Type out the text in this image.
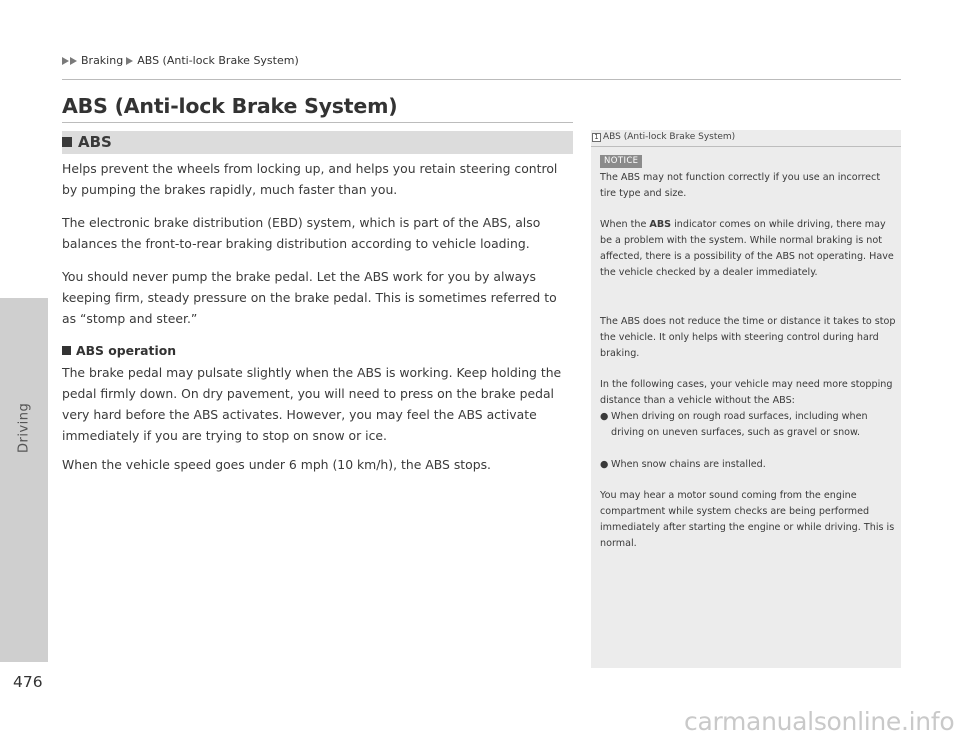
Driving
Braking ABS (Anti-lock Brake System)
ABS (Anti-lock Brake System)
ABS

Helps prevent the wheels from locking up, and helps you retain steering control by pumping the brakes rapidly, much faster than you.

The electronic brake distribution (EBD) system, which is part of the ABS, also balances the front-to-rear braking distribution according to vehicle loading.

You should never pump the brake pedal. Let the ABS work for you by always keeping firm, steady pressure on the brake pedal. This is sometimes referred to as “stomp and steer.”

ABS operation

The brake pedal may pulsate slightly when the ABS is working. Keep holding the pedal firmly down. On dry pavement, you will need to press on the brake pedal very hard before the ABS activates. However, you may feel the ABS activate immediately if you are trying to stop on snow or ice.

When the vehicle speed goes under 6 mph (10 km/h), the ABS stops.

1 ABS (Anti-lock Brake System)
NOTICE

The ABS may not function correctly if you use an incorrect tire type and size.

When the ABS indicator comes on while driving, there may be a problem with the system. While normal braking is not affected, there is a possibility of the ABS not operating. Have the vehicle checked by a dealer immediately.

The ABS does not reduce the time or distance it takes to stop the vehicle. It only helps with steering control during hard braking.

In the following cases, your vehicle may need more stopping distance than a vehicle without the ABS:

● When driving on rough road surfaces, including when driving on uneven surfaces, such as gravel or snow.
● When snow chains are installed.

You may hear a motor sound coming from the engine compartment while system checks are being performed immediately after starting the engine or while driving. This is normal.

476
carmanualsonline.info
